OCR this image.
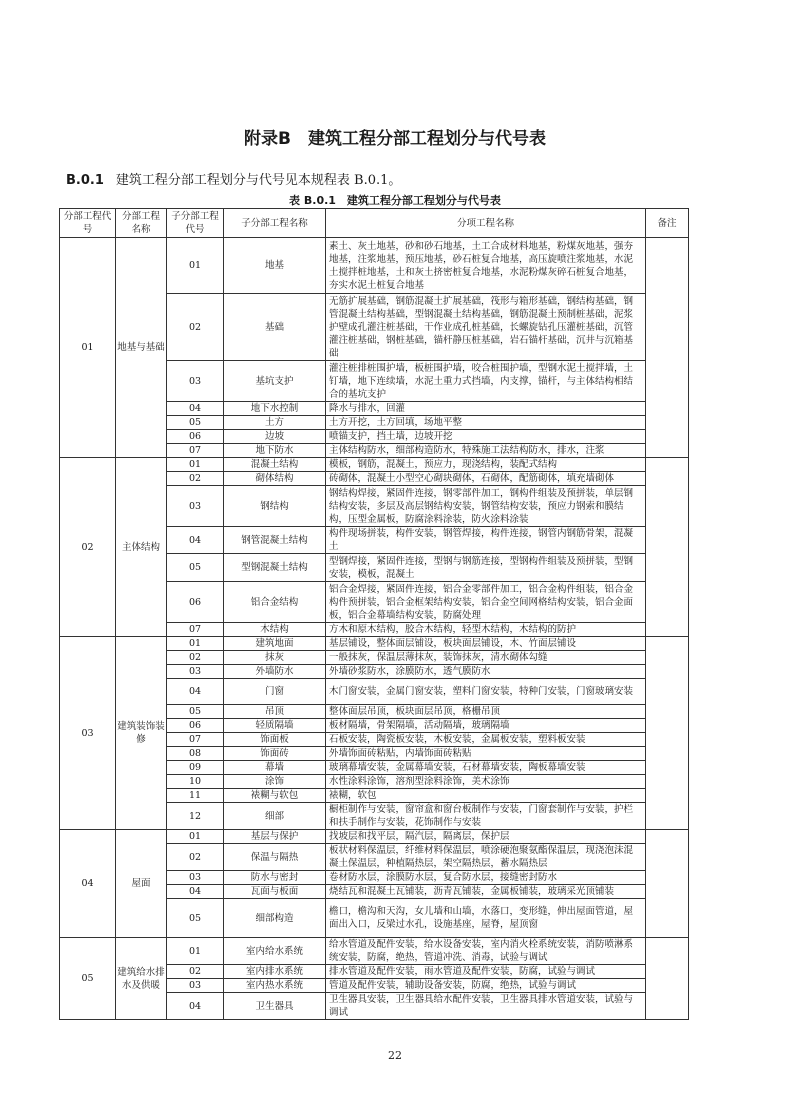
附录B　建筑工程分部工程划分与代号表

B.0.1 建筑工程分部工程划分与代号见本规程表 B.0.1。

表 B.0.1　建筑工程分部工程划分与代号表

分部工程代号	分部工程名称	子分部工程代号	子分部工程名称	分项工程名称	备注
01	地基与基础	01	地基	素土、灰土地基，砂和砂石地基，土工合成材料地基，粉煤灰地基，强夯地基，注浆地基，预压地基，砂石桩复合地基，高压旋喷注浆地基，水泥土搅拌桩地基，土和灰土挤密桩复合地基，水泥粉煤灰碎石桩复合地基，夯实水泥土桩复合地基	
		02	基础	无筋扩展基础，钢筋混凝土扩展基础，筏形与箱形基础，钢结构基础，钢管混凝土结构基础，型钢混凝土结构基础，钢筋混凝土预制桩基础，泥浆护壁成孔灌注桩基础，干作业成孔桩基础，长螺旋钻孔压灌桩基础，沉管灌注桩基础，钢桩基础，锚杆静压桩基础，岩石锚杆基础，沉井与沉箱基础	
		03	基坑支护	灌注桩排桩围护墙，板桩围护墙，咬合桩围护墙，型钢水泥土搅拌墙，土钉墙，地下连续墙，水泥土重力式挡墙，内支撑，锚杆，与主体结构相结合的基坑支护	
		04	地下水控制	降水与排水，回灌	
		05	土方	土方开挖，土方回填，场地平整	
		06	边坡	喷锚支护，挡土墙，边坡开挖	
		07	地下防水	主体结构防水，细部构造防水，特殊施工法结构防水，排水，注浆	
02	主体结构	01	混凝土结构	模板，钢筋，混凝土，预应力，现浇结构，装配式结构	
		02	砌体结构	砖砌体，混凝土小型空心砌块砌体，石砌体，配筋砌体，填充墙砌体	
		03	钢结构	钢结构焊接，紧固件连接，钢零部件加工，钢构件组装及预拼装，单层钢结构安装，多层及高层钢结构安装，钢管结构安装，预应力钢索和膜结构，压型金属板，防腐涂料涂装，防火涂料涂装	
		04	钢管混凝土结构	构件现场拼装，构件安装，钢管焊接，构件连接，钢管内钢筋骨架，混凝土	
		05	型钢混凝土结构	型钢焊接，紧固件连接，型钢与钢筋连接，型钢构件组装及预拼装，型钢安装，模板，混凝土	
		06	铝合金结构	铝合金焊接，紧固件连接，铝合金零部件加工，铝合金构件组装，铝合金构件预拼装，铝合金框架结构安装，铝合金空间网格结构安装，铝合金面板，铝合金幕墙结构安装，防腐处理	
		07	木结构	方木和原木结构，胶合木结构，轻型木结构，木结构的防护	
03	建筑装饰装修	01	建筑地面	基层铺设，整体面层铺设，板块面层铺设，木、竹面层铺设	
		02	抹灰	一般抹灰，保温层薄抹灰，装饰抹灰，清水砌体勾缝	
		03	外墙防水	外墙砂浆防水，涂膜防水，透气膜防水	
		04	门窗	木门窗安装，金属门窗安装，塑料门窗安装，特种门安装，门窗玻璃安装	
		05	吊顶	整体面层吊顶，板块面层吊顶，格栅吊顶	
		06	轻质隔墙	板材隔墙，骨架隔墙，活动隔墙，玻璃隔墙	
		07	饰面板	石板安装，陶瓷板安装，木板安装，金属板安装，塑料板安装	
		08	饰面砖	外墙饰面砖粘贴，内墙饰面砖粘贴	
		09	幕墙	玻璃幕墙安装，金属幕墙安装，石材幕墙安装，陶板幕墙安装	
		10	涂饰	水性涂料涂饰，溶剂型涂料涂饰，美术涂饰	
		11	裱糊与软包	裱糊，软包	
		12	细部	橱柜制作与安装，窗帘盒和窗台板制作与安装，门窗套制作与安装，护栏和扶手制作与安装，花饰制作与安装	
04	屋面	01	基层与保护	找坡层和找平层，隔汽层，隔离层，保护层	
		02	保温与隔热	板状材料保温层，纤维材料保温层，喷涂硬泡聚氨酯保温层，现浇泡沫混凝土保温层，种植隔热层，架空隔热层，蓄水隔热层	
		03	防水与密封	卷材防水层，涂膜防水层，复合防水层，接缝密封防水	
		04	瓦面与板面	烧结瓦和混凝土瓦铺装，沥青瓦铺装，金属板铺装，玻璃采光顶铺装	
		05	细部构造	檐口，檐沟和天沟，女儿墙和山墙，水落口，变形缝，伸出屋面管道，屋面出入口，反梁过水孔，设施基座，屋脊，屋顶窗	
05	建筑给水排水及供暖	01	室内给水系统	给水管道及配件安装，给水设备安装，室内消火栓系统安装，消防喷淋系统安装，防腐，绝热，管道冲洗、消毒，试验与调试	
		02	室内排水系统	排水管道及配件安装，雨水管道及配件安装，防腐，试验与调试	
		03	室内热水系统	管道及配件安装，辅助设备安装，防腐，绝热，试验与调试	
		04	卫生器具	卫生器具安装，卫生器具给水配件安装，卫生器具排水管道安装，试验与调试	
22
